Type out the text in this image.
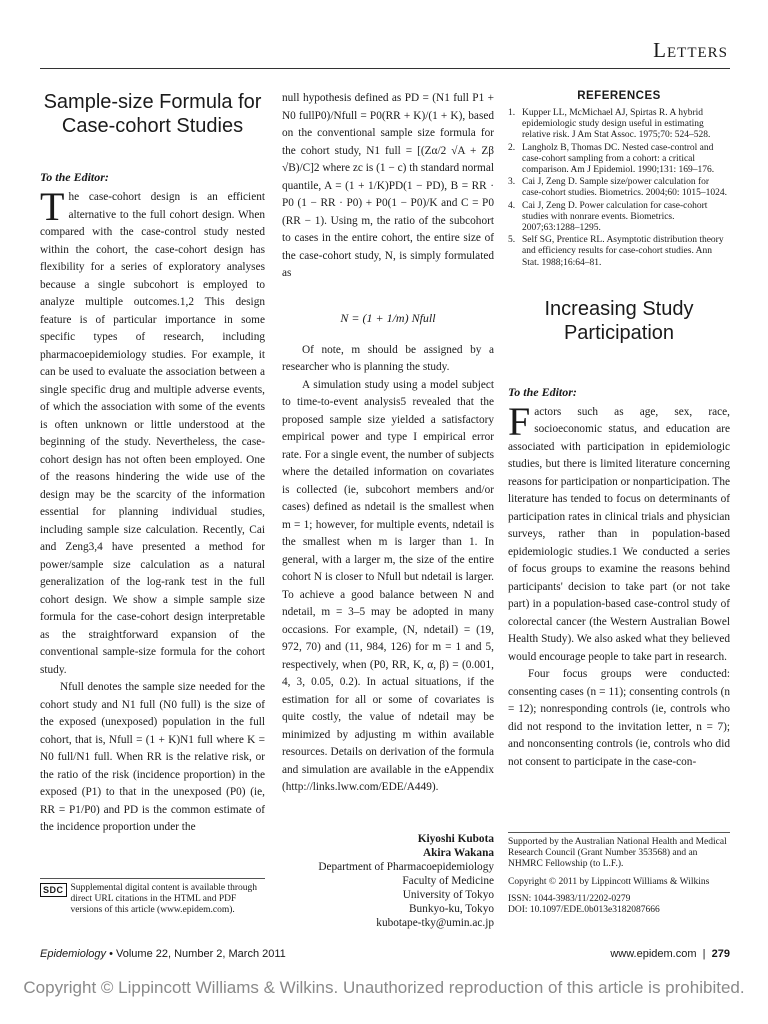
Letters
Sample-size Formula for Case-cohort Studies

To the Editor:

The case-cohort design is an efficient alternative to the full cohort design. When compared with the case-control study nested within the cohort, the case-cohort design has flexibility for a series of exploratory analyses because a single subcohort is employed to analyze multiple outcomes.1,2 This design feature is of particular importance in some specific types of research, including pharmacoepidemiology studies. For example, it can be used to evaluate the association between a single specific drug and multiple adverse events, of which the association with some of the events is often unknown or little understood at the beginning of the study. Nevertheless, the case-cohort design has not often been employed. One of the reasons hindering the wide use of the design may be the scarcity of the information essential for planning individual studies, including sample size calculation. Recently, Cai and Zeng3,4 have presented a method for power/sample size calculation as a natural generalization of the log-rank test in the full cohort design. We show a simple sample size formula for the case-cohort design interpretable as the straightforward expansion of the conventional sample-size formula for the cohort study.

Nfull denotes the sample size needed for the cohort study and N1 full (N0 full) is the size of the exposed (unexposed) population in the full cohort, that is, Nfull = (1 + K)N1 full where K = N0 full/N1 full. When RR is the relative risk, or the ratio of the risk (incidence proportion) in the exposed (P1) to that in the unexposed (P0) (ie, RR = P1/P0) and PD is the common estimate of the incidence proportion under the

SDC Supplemental digital content is available through direct URL citations in the HTML and PDF versions of this article (www.epidem.com).

null hypothesis defined as PD = (N1 full P1 + N0 fullP0)/Nfull = P0(RR + K)/(1 + K), based on the conventional sample size formula for the cohort study, N1 full = [(Zα/2 √A + Zβ √B)/C]2 where zc is (1 − c) th standard normal quantile, A = (1 + 1/K)PD(1 − PD), B = RR · P0 (1 − RR · P0) + P0(1 − P0)/K and C = P0 (RR − 1). Using m, the ratio of the subcohort to cases in the entire cohort, the entire size of the case-cohort study, N, is simply formulated as

N = (1 + 1/m) Nfull

Of note, m should be assigned by a researcher who is planning the study.

A simulation study using a model subject to time-to-event analysis5 revealed that the proposed sample size yielded a satisfactory empirical power and type I empirical error rate. For a single event, the number of subjects where the detailed information on covariates is collected (ie, subcohort members and/or cases) defined as ndetail is the smallest when m = 1; however, for multiple events, ndetail is the smallest when m is larger than 1. In general, with a larger m, the size of the entire cohort N is closer to Nfull but ndetail is larger. To achieve a good balance between N and ndetail, m = 3–5 may be adopted in many occasions. For example, (N, ndetail) = (19, 972, 70) and (11, 984, 126) for m = 1 and 5, respectively, when (P0, RR, K, α, β) = (0.001, 4, 3, 0.05, 0.2). In actual situations, if the estimation for all or some of covariates is quite costly, the value of ndetail may be minimized by adjusting m within available resources. Details on derivation of the formula and simulation are available in the eAppendix (http://links.lww.com/EDE/A449).

Kiyoshi Kubota
Akira Wakana
Department of Pharmacoepidemiology
Faculty of Medicine
University of Tokyo
Bunkyo-ku, Tokyo
kubotape-tky@umin.ac.jp
REFERENCES
1. Kupper LL, McMichael AJ, Spirtas R. A hybrid epidemiologic study design useful in estimating relative risk. J Am Stat Assoc. 1975;70: 524–528.
2. Langholz B, Thomas DC. Nested case-control and case-cohort sampling from a cohort: a critical comparison. Am J Epidemiol. 1990;131: 169–176.
3. Cai J, Zeng D. Sample size/power calculation for case-cohort studies. Biometrics. 2004;60: 1015–1024.
4. Cai J, Zeng D. Power calculation for case-cohort studies with nonrare events. Biometrics. 2007;63:1288–1295.
5. Self SG, Prentice RL. Asymptotic distribution theory and efficiency results for case-cohort studies. Ann Stat. 1988;16:64–81.
Increasing Study Participation

To the Editor:

Factors such as age, sex, race, socioeconomic status, and education are associated with participation in epidemiologic studies, but there is limited literature concerning reasons for participation or nonparticipation. The literature has tended to focus on determinants of participation rates in clinical trials and physician surveys, rather than in population-based epidemiologic studies.1 We conducted a series of focus groups to examine the reasons behind participants' decision to take part (or not take part) in a population-based case-control study of colorectal cancer (the Western Australian Bowel Health Study). We also asked what they believed would encourage people to take part in research.

Four focus groups were conducted: consenting cases (n = 11); consenting controls (n = 12); nonresponding controls (ie, controls who did not respond to the invitation letter, n = 7); and nonconsenting controls (ie, controls who did not consent to participate in the case-con-

Supported by the Australian National Health and Medical Research Council (Grant Number 353568) and an NHMRC Fellowship (to L.F.).

Copyright © 2011 by Lippincott Williams & Wilkins

ISSN: 1044-3983/11/2202-0279
DOI: 10.1097/EDE.0b013e3182087666
Epidemiology • Volume 22, Number 2, March 2011	www.epidem.com | 279
Copyright © Lippincott Williams & Wilkins. Unauthorized reproduction of this article is prohibited.
